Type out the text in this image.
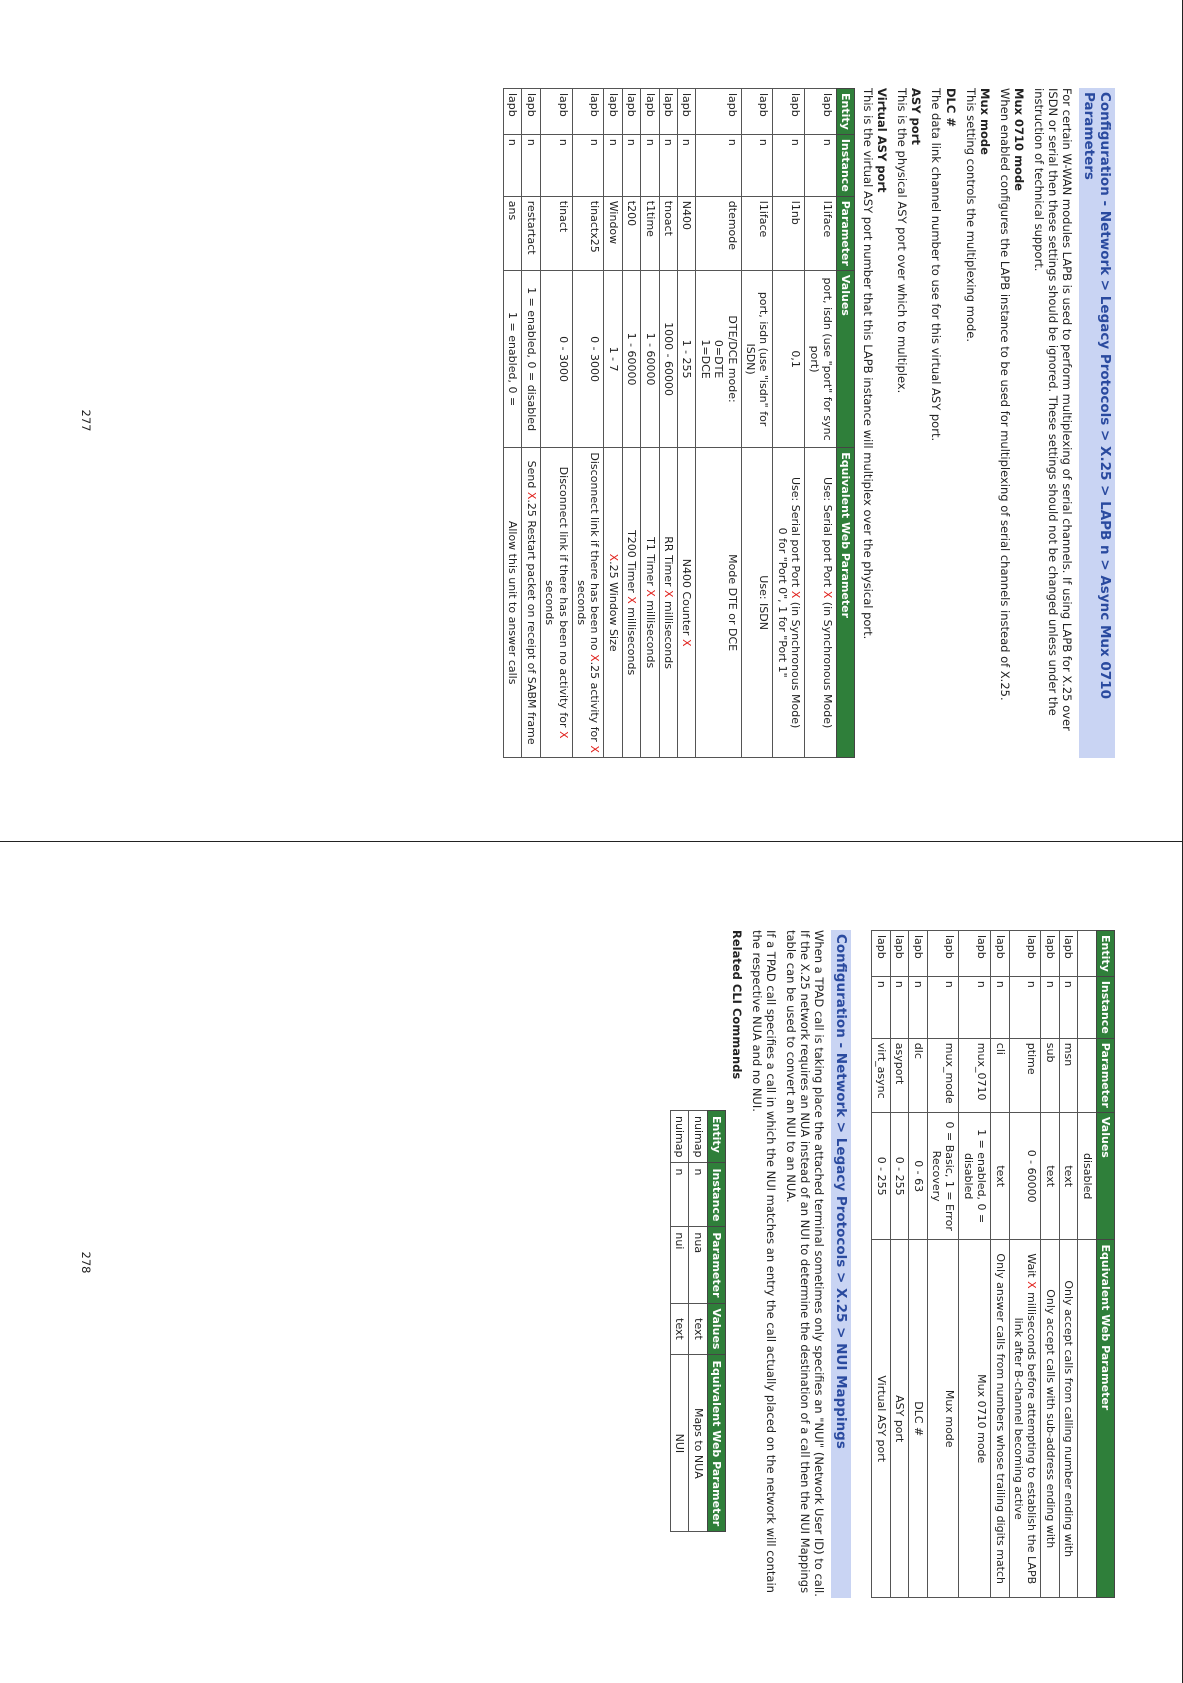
Configuration - Network > Legacy Protocols > X.25 > LAPB n > Async Mux 0710 Parameters

For certain W-WAN modules LAPB is used to perform multiplexing of serial channels. If using LAPB for X.25 over ISDN or serial then these settings should be ignored. These settings should not be changed unless under the instruction of technical support.

Mux 0710 mode

When enabled configures the LAPB instance to be used for multiplexing of serial channels instead of X.25.

Mux mode

This setting controls the multiplexing mode.

DLC #

The data link channel number to use for this virtual ASY port.

ASY port

This is the physical ASY port over which to multiplex.

Virtual ASY port

This is the virtual ASY port number that this LAPB instance will multiplex over the physical port.

Entity	Instance	Parameter	Values	Equivalent Web Parameter
lapb	n	l1iface	port, isdn (use "port" for sync port)	Use: Serial port Port X (in Synchronous Mode)
lapb	n	l1nb	0,1	Use: Serial port Port X (in Synchronous Mode)
0 for "Port 0", 1 for "Port 1"
lapb	n	l1iface	port, isdn (use "isdn" for ISDN)	Use: ISDN
lapb	n	dtemode	DTE/DCE mode:
0=DTE
1=DCE	Mode DTE or DCE
lapb	n	N400	1 - 255	N400 Counter X
lapb	n	tnoact	1000 - 60000	RR Timer X milliseconds
lapb	n	t1time	1 - 60000	T1 Timer X milliseconds
lapb	n	t200	1 - 60000	T200 Timer X milliseconds
lapb	n	Window	1 - 7	X.25 Window Size
lapb	n	tinactx25	0 - 3000	Disconnect link if there has been no X.25 activity for X seconds
lapb	n	tinact	0 - 3000	Disconnect link if there has been no activity for X seconds
lapb	n	restartact	1 = enabled, 0 = disabled	Send X.25 Restart packet on receipt of SABM frame
lapb	n	ans	1 = enabled, 0 =	Allow this unit to answer calls
277
Entity	Instance	Parameter	Values	Equivalent Web Parameter
			disabled	
lapb	n	msn	text	Only accept calls from calling number ending with
lapb	n	sub	text	Only accept calls with sub-address ending with
lapb	n	ptime	0 - 60000	Wait X milliseconds before attempting to establish the LAPB link after B-channel becoming active
lapb	n	cli	text	Only answer calls from numbers whose trailing digits match
lapb	n	mux_0710	1 = enabled, 0 = disabled	Mux 0710 mode
lapb	n	mux_mode	0 = Basic, 1 = Error Recovery	Mux mode
lapb	n	dlc	0 - 63	DLC #
lapb	n	asyport	0 - 255	ASY port
lapb	n	virt_async	0 - 255	Virtual ASY port
Configuration - Network > Legacy Protocols > X.25 > NUI Mappings

When a TPAD call is taking place the attached terminal sometimes only specifies an "NUI" (Network User ID) to call. If the X.25 network requires an NUA instead of an NUI to determine the destination of a call then the NUI Mappings table can be used to convert an NUI to an NUA.

If a TPAD call specifies a call in which the NUI matches an entry the call actually placed on the network will contain the respective NUA and no NUI.

Related CLI Commands
Entity	Instance	Parameter	Values	Equivalent Web Parameter
nuimap	n	nua	text	Maps to NUA
nuimap	n	nui	text	NUI
278
